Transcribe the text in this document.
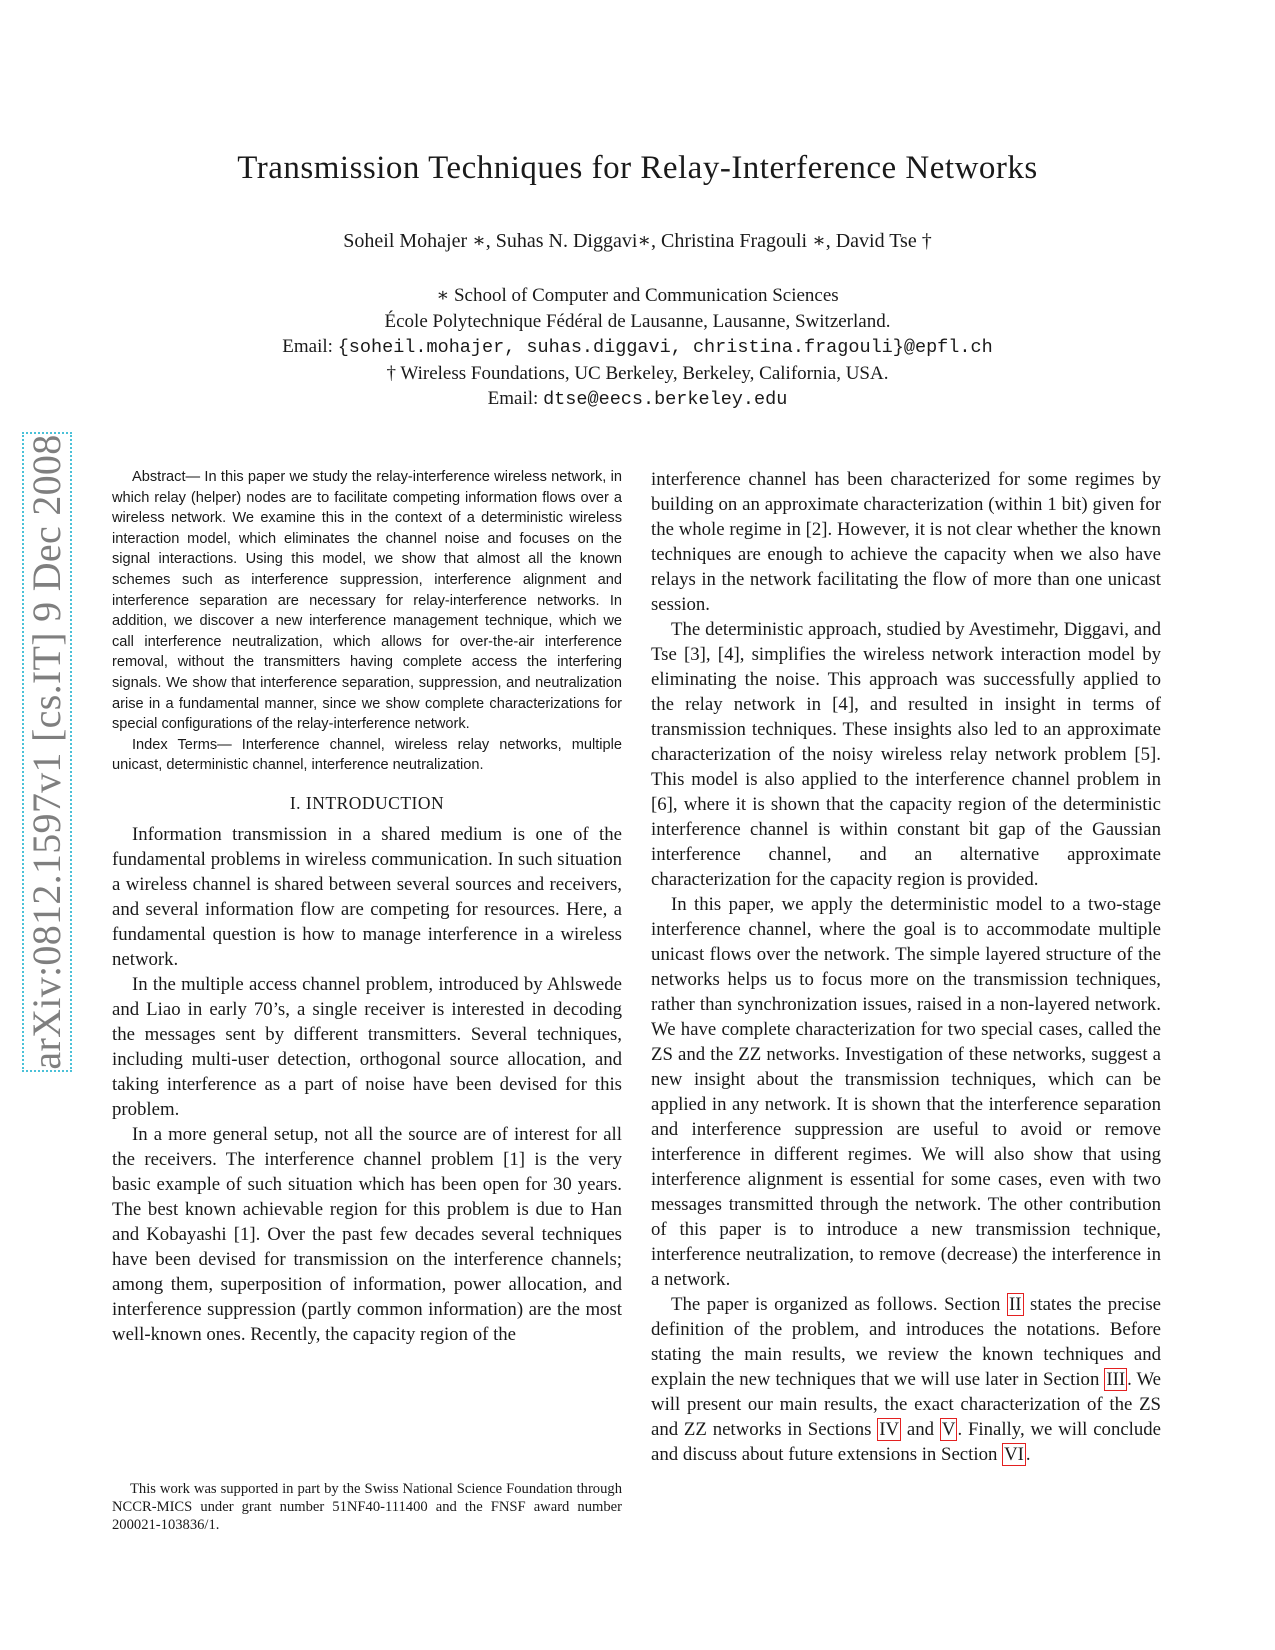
arXiv:0812.1597v1 [cs.IT] 9 Dec 2008
Transmission Techniques for Relay-Interference Networks
Soheil Mohajer ∗, Suhas N. Diggavi∗, Christina Fragouli ∗, David Tse †
∗ School of Computer and Communication Sciences
École Polytechnique Fédéral de Lausanne, Lausanne, Switzerland.
Email: {soheil.mohajer, suhas.diggavi, christina.fragouli}@epfl.ch
† Wireless Foundations, UC Berkeley, Berkeley, California, USA.
Email: dtse@eecs.berkeley.edu

Abstract— In this paper we study the relay-interference wireless network, in which relay (helper) nodes are to facilitate competing information flows over a wireless network. We examine this in the context of a deterministic wireless interaction model, which eliminates the channel noise and focuses on the signal interactions. Using this model, we show that almost all the known schemes such as interference suppression, interference alignment and interference separation are necessary for relay-interference networks. In addition, we discover a new interference management technique, which we call interference neutralization, which allows for over-the-air interference removal, without the transmitters having complete access the interfering signals. We show that interference separation, suppression, and neutralization arise in a fundamental manner, since we show complete characterizations for special configurations of the relay-interference network.

Index Terms— Interference channel, wireless relay networks, multiple unicast, deterministic channel, interference neutralization.

I. INTRODUCTION

Information transmission in a shared medium is one of the fundamental problems in wireless communication. In such situation a wireless channel is shared between several sources and receivers, and several information flow are competing for resources. Here, a fundamental question is how to manage interference in a wireless network.

In the multiple access channel problem, introduced by Ahlswede and Liao in early 70’s, a single receiver is interested in decoding the messages sent by different transmitters. Several techniques, including multi-user detection, orthogonal source allocation, and taking interference as a part of noise have been devised for this problem.

In a more general setup, not all the source are of interest for all the receivers. The interference channel problem [1] is the very basic example of such situation which has been open for 30 years. The best known achievable region for this problem is due to Han and Kobayashi [1]. Over the past few decades several techniques have been devised for transmission on the interference channels; among them, superposition of information, power allocation, and interference suppression (partly common information) are the most well-known ones. Recently, the capacity region of the

interference channel has been characterized for some regimes by building on an approximate characterization (within 1 bit) given for the whole regime in [2]. However, it is not clear whether the known techniques are enough to achieve the capacity when we also have relays in the network facilitating the flow of more than one unicast session.

The deterministic approach, studied by Avestimehr, Diggavi, and Tse [3], [4], simplifies the wireless network interaction model by eliminating the noise. This approach was successfully applied to the relay network in [4], and resulted in insight in terms of transmission techniques. These insights also led to an approximate characterization of the noisy wireless relay network problem [5]. This model is also applied to the interference channel problem in [6], where it is shown that the capacity region of the deterministic interference channel is within constant bit gap of the Gaussian interference channel, and an alternative approximate characterization for the capacity region is provided.

In this paper, we apply the deterministic model to a two-stage interference channel, where the goal is to accommodate multiple unicast flows over the network. The simple layered structure of the networks helps us to focus more on the transmission techniques, rather than synchronization issues, raised in a non-layered network. We have complete characterization for two special cases, called the ZS and the ZZ networks. Investigation of these networks, suggest a new insight about the transmission techniques, which can be applied in any network. It is shown that the interference separation and interference suppression are useful to avoid or remove interference in different regimes. We will also show that using interference alignment is essential for some cases, even with two messages transmitted through the network. The other contribution of this paper is to introduce a new transmission technique, interference neutralization, to remove (decrease) the interference in a network.

The paper is organized as follows. Section II states the precise definition of the problem, and introduces the notations. Before stating the main results, we review the known techniques and explain the new techniques that we will use later in Section III . We will present our main results, the exact characterization of the ZS and ZZ networks in Sections IV and V . Finally, we will conclude and discuss about future extensions in Section VI .

This work was supported in part by the Swiss National Science Foundation through NCCR-MICS under grant number 51NF40-111400 and the FNSF award number 200021-103836/1.
